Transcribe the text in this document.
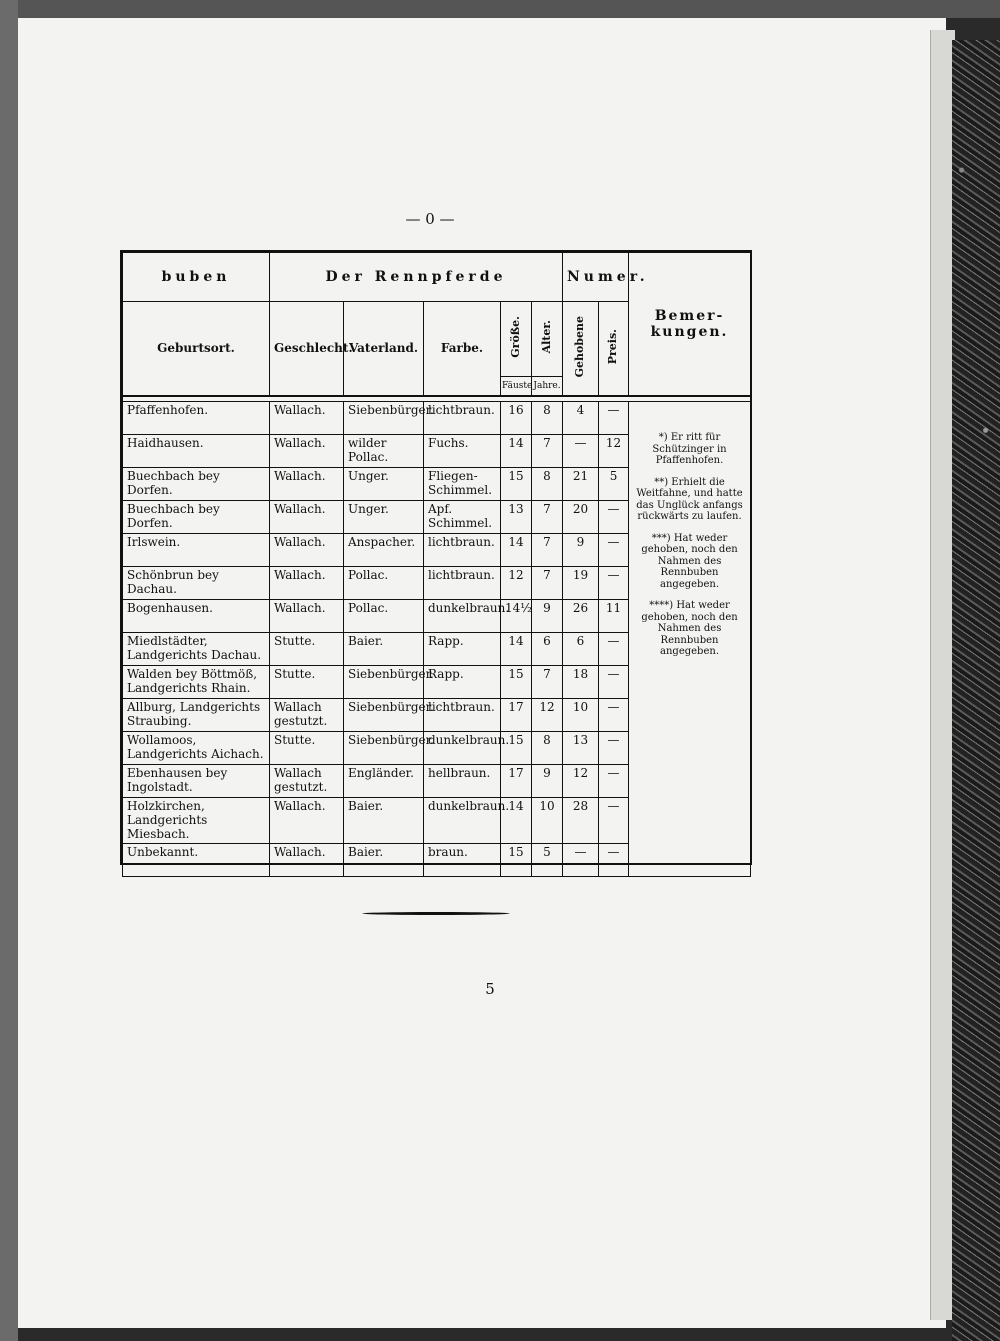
— 0 —
buben	Der Rennpferde					Numer.		Bemer-kungen.
Geburtsort.	Geschlecht.	Vaterland.	Farbe.	Größe.	Alter.	Gehobene	Preis.	
				Fäuste	Jahre.			

Pfaffenhofen.	Wallach.	Siebenbürger.	lichtbraun.	16	8	4	—	*) Er ritt für Schützinger in Pfaffenhofen.
**) Erhielt die Weitfahne, und hatte das Unglück anfangs rückwärts zu laufen.
***) Hat weder gehoben, noch den Nahmen des Rennbuben angegeben.
****) Hat weder gehoben, noch den Nahmen des Rennbuben angegeben.

Haidhausen.	Wallach.	wilder Pollac.	Fuchs.	14	7	—	12	
Buechbach bey Dorfen.	Wallach.	Unger.	Fliegen-Schimmel.	15	8	21	5	
Buechbach bey Dorfen.	Wallach.	Unger.	Apf. Schimmel.	13	7	20	—	
Irlswein.	Wallach.	Anspacher.	lichtbraun.	14	7	9	—	
Schönbrun bey Dachau.	Wallach.	Pollac.	lichtbraun.	12	7	19	—	
Bogenhausen.	Wallach.	Pollac.	dunkelbraun.	14½	9	26	11	
Miedlstädter, Landgerichts Dachau.	Stutte.	Baier.	Rapp.	14	6	6	—	
Walden bey Böttmöß, Landgerichts Rhain.	Stutte.	Siebenbürger.	Rapp.	15	7	18	—	
Allburg, Landgerichts Straubing.	Wallach gestutzt.	Siebenbürger.	lichtbraun.	17	12	10	—	
Wollamoos, Landgerichts Aichach.	Stutte.	Siebenbürger.	dunkelbraun.	15	8	13	—	
Ebenhausen bey Ingolstadt.	Wallach gestutzt.	Engländer.	hellbraun.	17	9	12	—	
Holzkirchen, Landgerichts Miesbach.	Wallach.	Baier.	dunkelbraun.	14	10	28	—	
Unbekannt.	Wallach.	Baier.	braun.	15	5	—	—	
5
